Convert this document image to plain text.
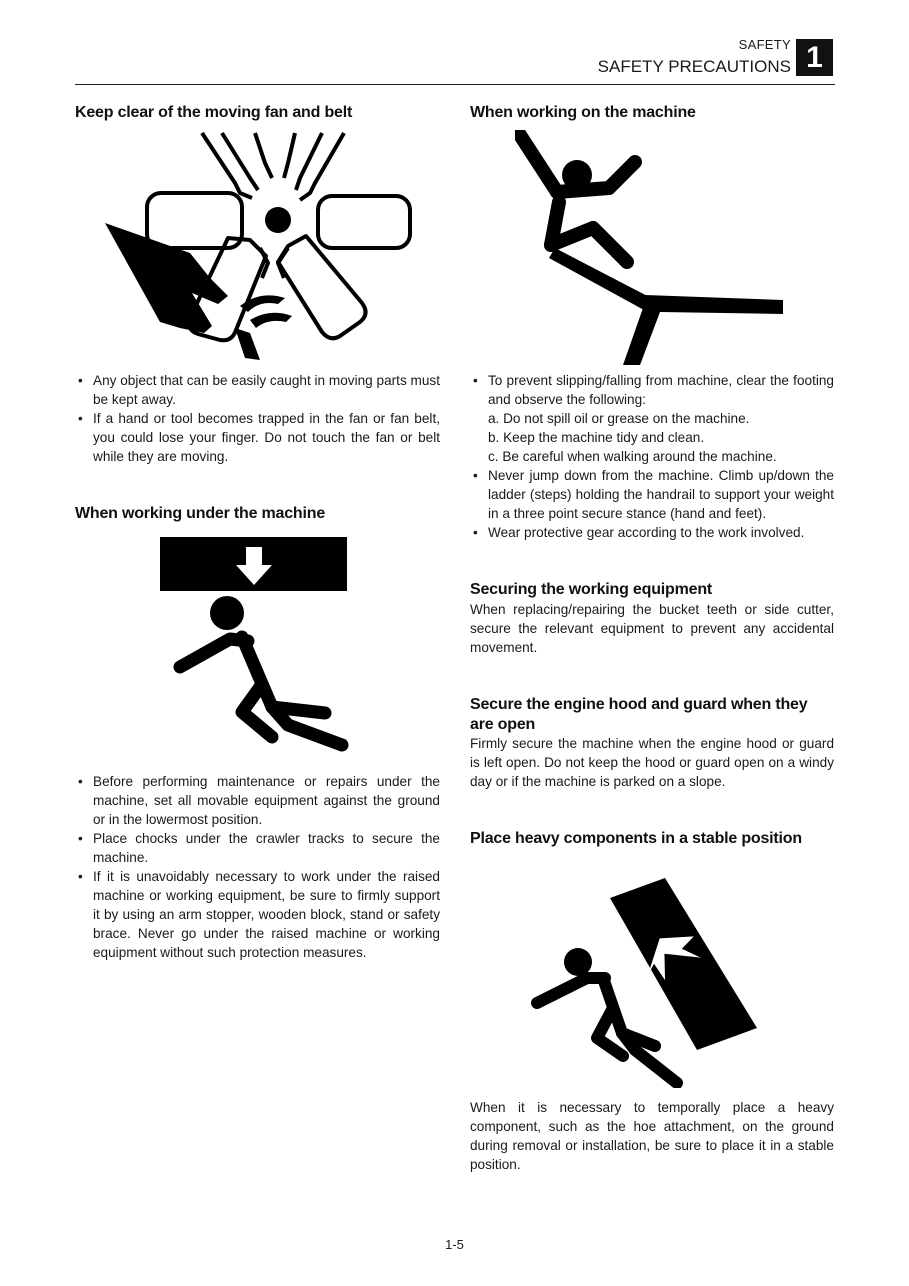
SAFETY
SAFETY PRECAUTIONS 1
Keep clear of the moving fan and belt
• Any object that can be easily caught in moving parts must be kept away.
• If a hand or tool becomes trapped in the fan or fan belt, you could lose your finger. Do not touch the fan or belt while they are moving.
When working under the machine
• Before performing maintenance or repairs under the machine, set all movable equipment against the ground or in the lowermost position.
• Place chocks under the crawler tracks to secure the machine.
• If it is unavoidably necessary to work under the raised machine or working equipment, be sure to firmly support it by using an arm stopper, wooden block, stand or safety brace. Never go under the raised machine or working equipment without such protection measures.
When working on the machine
• To prevent slipping/falling from machine, clear the footing and observe the following:
a. Do not spill oil or grease on the machine.
b. Keep the machine tidy and clean.
c. Be careful when walking around the machine.
• Never jump down from the machine. Climb up/down the ladder (steps) holding the handrail to support your weight in a three point secure stance (hand and feet).
• Wear protective gear according to the work involved.
Securing the working equipment

When replacing/repairing the bucket teeth or side cutter, secure the relevant equipment to prevent any accidental movement.

Secure the engine hood and guard when they are open

Firmly secure the machine when the engine hood or guard is left open. Do not keep the hood or guard open on a windy day or if the machine is parked on a slope.

Place heavy components in a stable position

When it is necessary to temporally place a heavy component, such as the hoe attachment, on the ground during removal or installation, be sure to place it in a stable position.

1-5
